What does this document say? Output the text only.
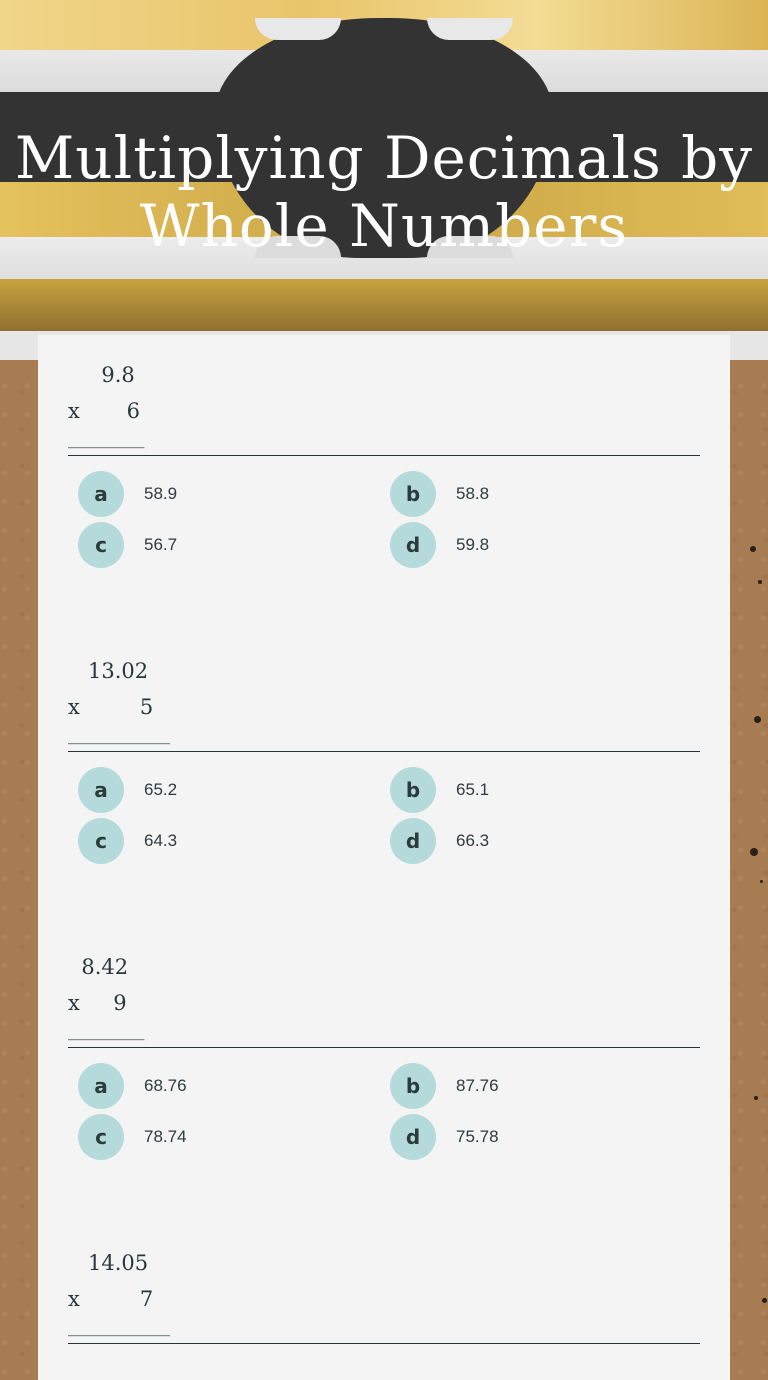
Multiplying Decimals by
Whole Numbers
9.8
x       6
_________
a	58.9	b	58.8
c	56.7	d	59.8
13.02
x         5
____________
a	65.2	b	65.1
c	64.3	d	66.3
8.42
x     9
_________
a	68.76	b	87.76
c	78.74	d	75.78
14.05
x         7
____________
